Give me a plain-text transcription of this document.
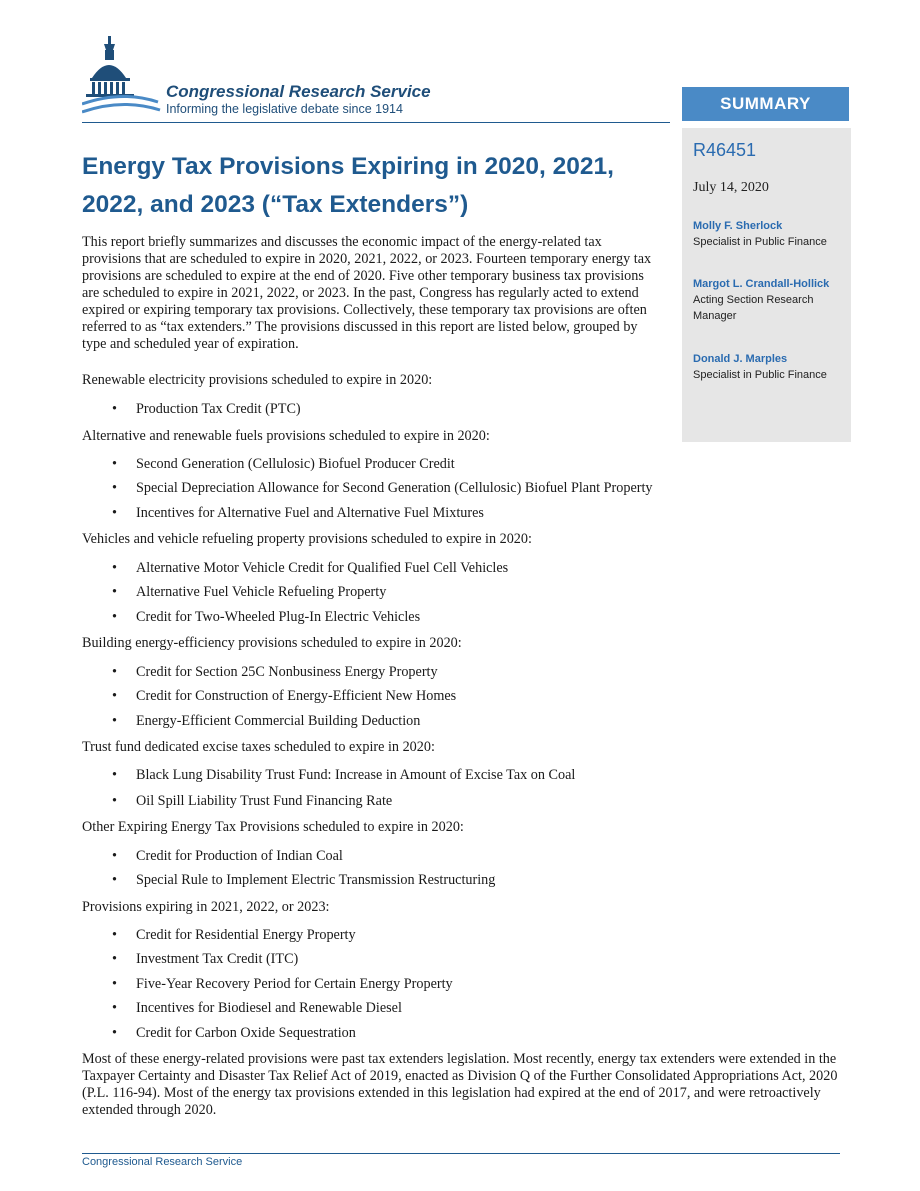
Congressional Research Service
Informing the legislative debate since 1914	SUMMARY
R46451
July 14, 2020
Molly F. Sherlock
Specialist in Public Finance
Margot L. Crandall-Hollick
Acting Section Research Manager
Donald J. Marples
Specialist in Public Finance
Energy Tax Provisions Expiring in 2020, 2021, 2022, and 2023 (“Tax Extenders”)
This report briefly summarizes and discusses the economic impact of the energy-related tax provisions that are scheduled to expire in 2020, 2021, 2022, or 2023. Fourteen temporary energy tax provisions are scheduled to expire at the end of 2020. Five other temporary business tax provisions are scheduled to expire in 2021, 2022, or 2023. In the past, Congress has regularly acted to extend expired or expiring temporary tax provisions. Collectively, these temporary tax provisions are often referred to as “tax extenders.” The provisions discussed in this report are listed below, grouped by type and scheduled year of expiration.
Renewable electricity provisions scheduled to expire in 2020:
•Production Tax Credit (PTC)
Alternative and renewable fuels provisions scheduled to expire in 2020:
•Second Generation (Cellulosic) Biofuel Producer Credit
•Special Depreciation Allowance for Second Generation (Cellulosic) Biofuel Plant Property
•Incentives for Alternative Fuel and Alternative Fuel Mixtures
Vehicles and vehicle refueling property provisions scheduled to expire in 2020:
•Alternative Motor Vehicle Credit for Qualified Fuel Cell Vehicles
•Alternative Fuel Vehicle Refueling Property
•Credit for Two-Wheeled Plug-In Electric Vehicles
Building energy-efficiency provisions scheduled to expire in 2020:
•Credit for Section 25C Nonbusiness Energy Property
•Credit for Construction of Energy-Efficient New Homes
•Energy-Efficient Commercial Building Deduction
Trust fund dedicated excise taxes scheduled to expire in 2020:
•Black Lung Disability Trust Fund: Increase in Amount of Excise Tax on Coal
•Oil Spill Liability Trust Fund Financing Rate
Other Expiring Energy Tax Provisions scheduled to expire in 2020:
•Credit for Production of Indian Coal
•Special Rule to Implement Electric Transmission Restructuring
Provisions expiring in 2021, 2022, or 2023:
•Credit for Residential Energy Property
•Investment Tax Credit (ITC)
•Five-Year Recovery Period for Certain Energy Property
•Incentives for Biodiesel and Renewable Diesel
•Credit for Carbon Oxide Sequestration
Most of these energy-related provisions were past tax extenders legislation. Most recently, energy tax extenders were extended in the Taxpayer Certainty and Disaster Tax Relief Act of 2019, enacted as Division Q of the Further Consolidated Appropriations Act, 2020 (P.L. 116-94). Most of the energy tax provisions extended in this legislation had expired at the end of 2017, and were retroactively extended through 2020.
Congressional Research Service
